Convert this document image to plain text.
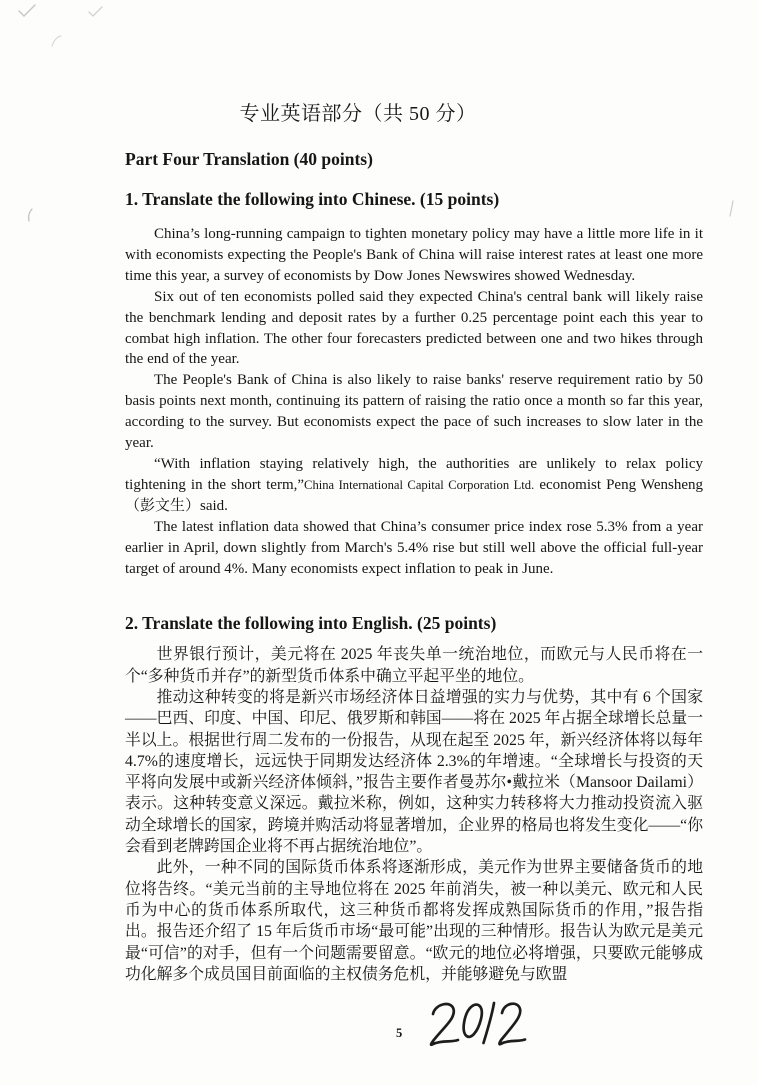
专业英语部分（共 50 分）
Part Four Translation (40 points)
1. Translate the following into Chinese. (15 points)

China’s long-running campaign to tighten monetary policy may have a little more life in it with economists expecting the People's Bank of China will raise interest rates at least one more time this year, a survey of economists by Dow Jones Newswires showed Wednesday.

Six out of ten economists polled said they expected China's central bank will likely raise the benchmark lending and deposit rates by a further 0.25 percentage point each this year to combat high inflation. The other four forecasters predicted between one and two hikes through the end of the year.

The People's Bank of China is also likely to raise banks' reserve requirement ratio by 50 basis points next month, continuing its pattern of raising the ratio once a month so far this year, according to the survey. But economists expect the pace of such increases to slow later in the year.

“With inflation staying relatively high, the authorities are unlikely to relax policy tightening in the short term,”China International Capital Corporation Ltd. economist Peng Wensheng（彭文生）said.

The latest inflation data showed that China’s consumer price index rose 5.3% from a year earlier in April, down slightly from March's 5.4% rise but still well above the official full-year target of around 4%. Many economists expect inflation to peak in June.

2. Translate the following into English. (25 points)

世界银行预计，美元将在 2025 年丧失单一统治地位，而欧元与人民币将在一个“多种货币并存”的新型货币体系中确立平起平坐的地位。

推动这种转变的将是新兴市场经济体日益增强的实力与优势，其中有 6 个国家——巴西、印度、中国、印尼、俄罗斯和韩国——将在 2025 年占据全球增长总量一半以上。根据世行周二发布的一份报告，从现在起至 2025 年，新兴经济体将以每年 4.7%的速度增长，远远快于同期发达经济体 2.3%的年增速。“全球增长与投资的天平将向发展中或新兴经济体倾斜，”报告主要作者曼苏尔•戴拉米（Mansoor Dailami）表示。这种转变意义深远。戴拉米称，例如，这种实力转移将大力推动投资流入驱动全球增长的国家，跨境并购活动将显著增加，企业界的格局也将发生变化——“你会看到老牌跨国企业将不再占据统治地位”。

此外，一种不同的国际货币体系将逐渐形成，美元作为世界主要储备货币的地位将告终。“美元当前的主导地位将在 2025 年前消失，被一种以美元、欧元和人民币为中心的货币体系所取代，这三种货币都将发挥成熟国际货币的作用，”报告指出。报告还介绍了 15 年后货币市场“最可能”出现的三种情形。报告认为欧元是美元最“可信”的对手，但有一个问题需要留意。“欧元的地位必将增强，只要欧元能够成功化解多个成员国目前面临的主权债务危机，并能够避免与欧盟

5
